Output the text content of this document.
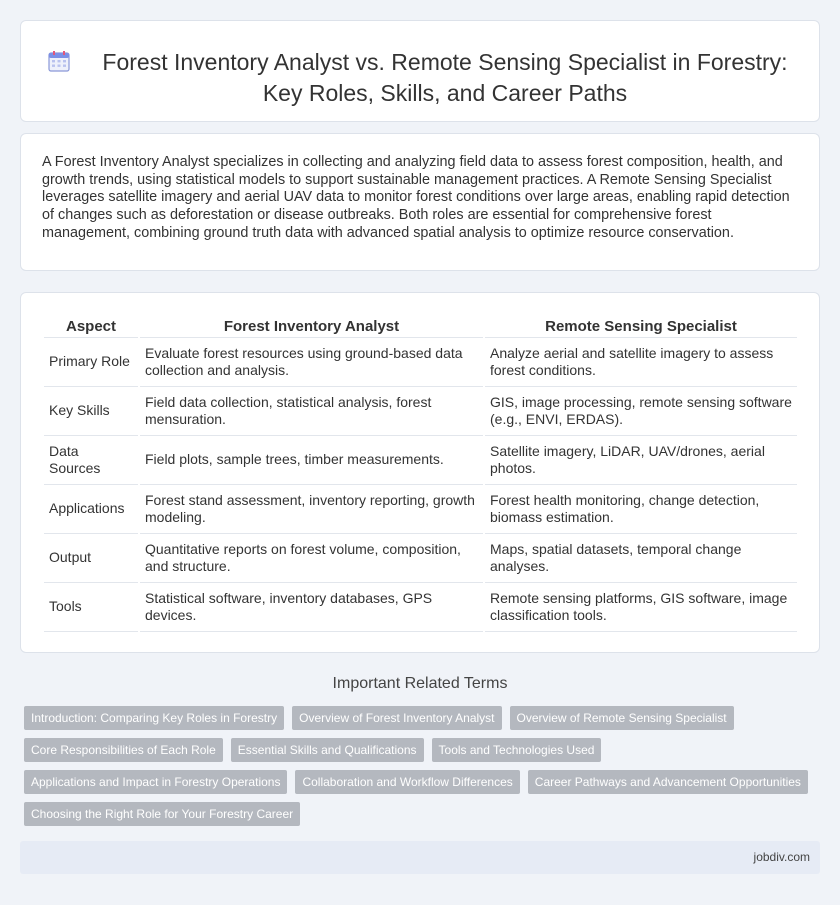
Forest Inventory Analyst vs. Remote Sensing Specialist in Forestry: Key Roles, Skills, and Career Paths

A Forest Inventory Analyst specializes in collecting and analyzing field data to assess forest composition, health, and growth trends, using statistical models to support sustainable management practices. A Remote Sensing Specialist leverages satellite imagery and aerial UAV data to monitor forest conditions over large areas, enabling rapid detection of changes such as deforestation or disease outbreaks. Both roles are essential for comprehensive forest management, combining ground truth data with advanced spatial analysis to optimize resource conservation.

Aspect	Forest Inventory Analyst	Remote Sensing Specialist
Primary Role	Evaluate forest resources using ground-based data collection and analysis.	Analyze aerial and satellite imagery to assess forest conditions.
Key Skills	Field data collection, statistical analysis, forest mensuration.	GIS, image processing, remote sensing software (e.g., ENVI, ERDAS).
Data Sources	Field plots, sample trees, timber measurements.	Satellite imagery, LiDAR, UAV/drones, aerial photos.
Applications	Forest stand assessment, inventory reporting, growth modeling.	Forest health monitoring, change detection, biomass estimation.
Output	Quantitative reports on forest volume, composition, and structure.	Maps, spatial datasets, temporal change analyses.
Tools	Statistical software, inventory databases, GPS devices.	Remote sensing platforms, GIS software, image classification tools.
Important Related Terms
Introduction: Comparing Key Roles in Forestry	Overview of Forest Inventory Analyst	Overview of Remote Sensing Specialist
Core Responsibilities of Each Role	Essential Skills and Qualifications	Tools and Technologies Used
Applications and Impact in Forestry Operations	Collaboration and Workflow Differences	Career Pathways and Advancement Opportunities
Choosing the Right Role for Your Forestry Career
jobdiv.com
